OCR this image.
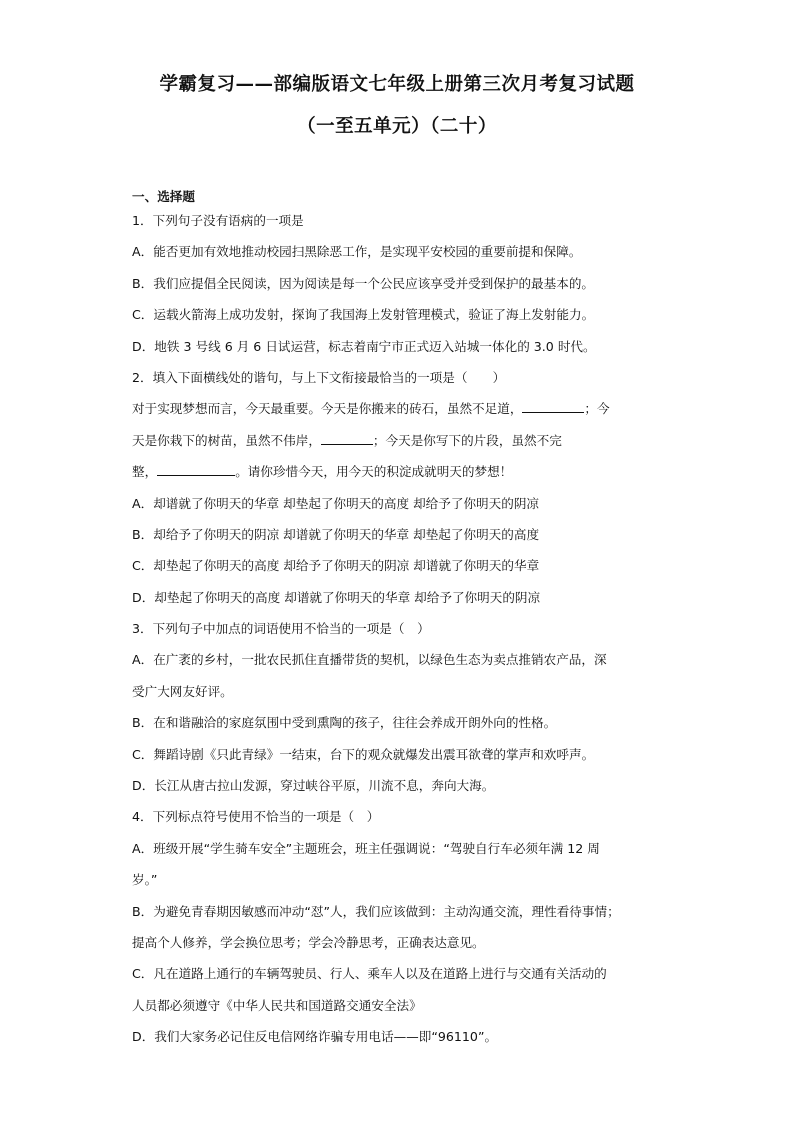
学霸复习——部编版语文七年级上册第三次月考复习试题
（一至五单元）（二十）
一、选择题
1．下列句子没有语病的一项是
A．能否更加有效地推动校园扫黑除恶工作，是实现平安校园的重要前提和保障。
B．我们应提倡全民阅读，因为阅读是每一个公民应该享受并受到保护的最基本的。
C．运载火箭海上成功发射，探询了我国海上发射管理模式，验证了海上发射能力。
D．地铁 3 号线 6 月 6 日试运营，标志着南宁市正式迈入站城一体化的 3.0 时代。
2．填入下面横线处的谐句，与上下文衔接最恰当的一项是（　　）
对于实现梦想而言，今天最重要。今天是你搬来的砖石，虽然不足道，	；今
天是你栽下的树苗，虽然不伟岸，	；今天是你写下的片段，虽然不完
整，	。请你珍惜今天，用今天的积淀成就明天的梦想！
A．却谱就了你明天的华章 却垫起了你明天的高度 却给予了你明天的阴凉
B．却给予了你明天的阴凉 却谱就了你明天的华章 却垫起了你明天的高度
C．却垫起了你明天的高度 却给予了你明天的阴凉 却谱就了你明天的华章
D．却垫起了你明天的高度 却谱就了你明天的华章 却给予了你明天的阴凉
3．下列句子中加点的词语使用不恰当的一项是（　）
A．在广袤的乡村，一批农民抓住直播带货的契机，以绿色生态为卖点推销农产品，深
受广大网友好评。
B．在和谐融洽的家庭氛围中受到熏陶的孩子，往往会养成开朗外向的性格。
C．舞蹈诗剧《只此青绿》一结束，台下的观众就爆发出震耳欲聋的掌声和欢呼声。
D．长江从唐古拉山发源，穿过峡谷平原，川流不息，奔向大海。
4．下列标点符号使用不恰当的一项是（　）
A．班级开展“学生骑车安全”主题班会，班主任强调说：“驾驶自行车必须年满 12 周
岁。”
B．为避免青春期因敏感而冲动“怼”人，我们应该做到：主动沟通交流，理性看待事情；
提高个人修养，学会换位思考；学会冷静思考，正确表达意见。
C．凡在道路上通行的车辆驾驶员、行人、乘车人以及在道路上进行与交通有关活动的
人员都必须遵守《中华人民共和国道路交通安全法》
D．我们大家务必记住反电信网络诈骗专用电话——即“96110”。
